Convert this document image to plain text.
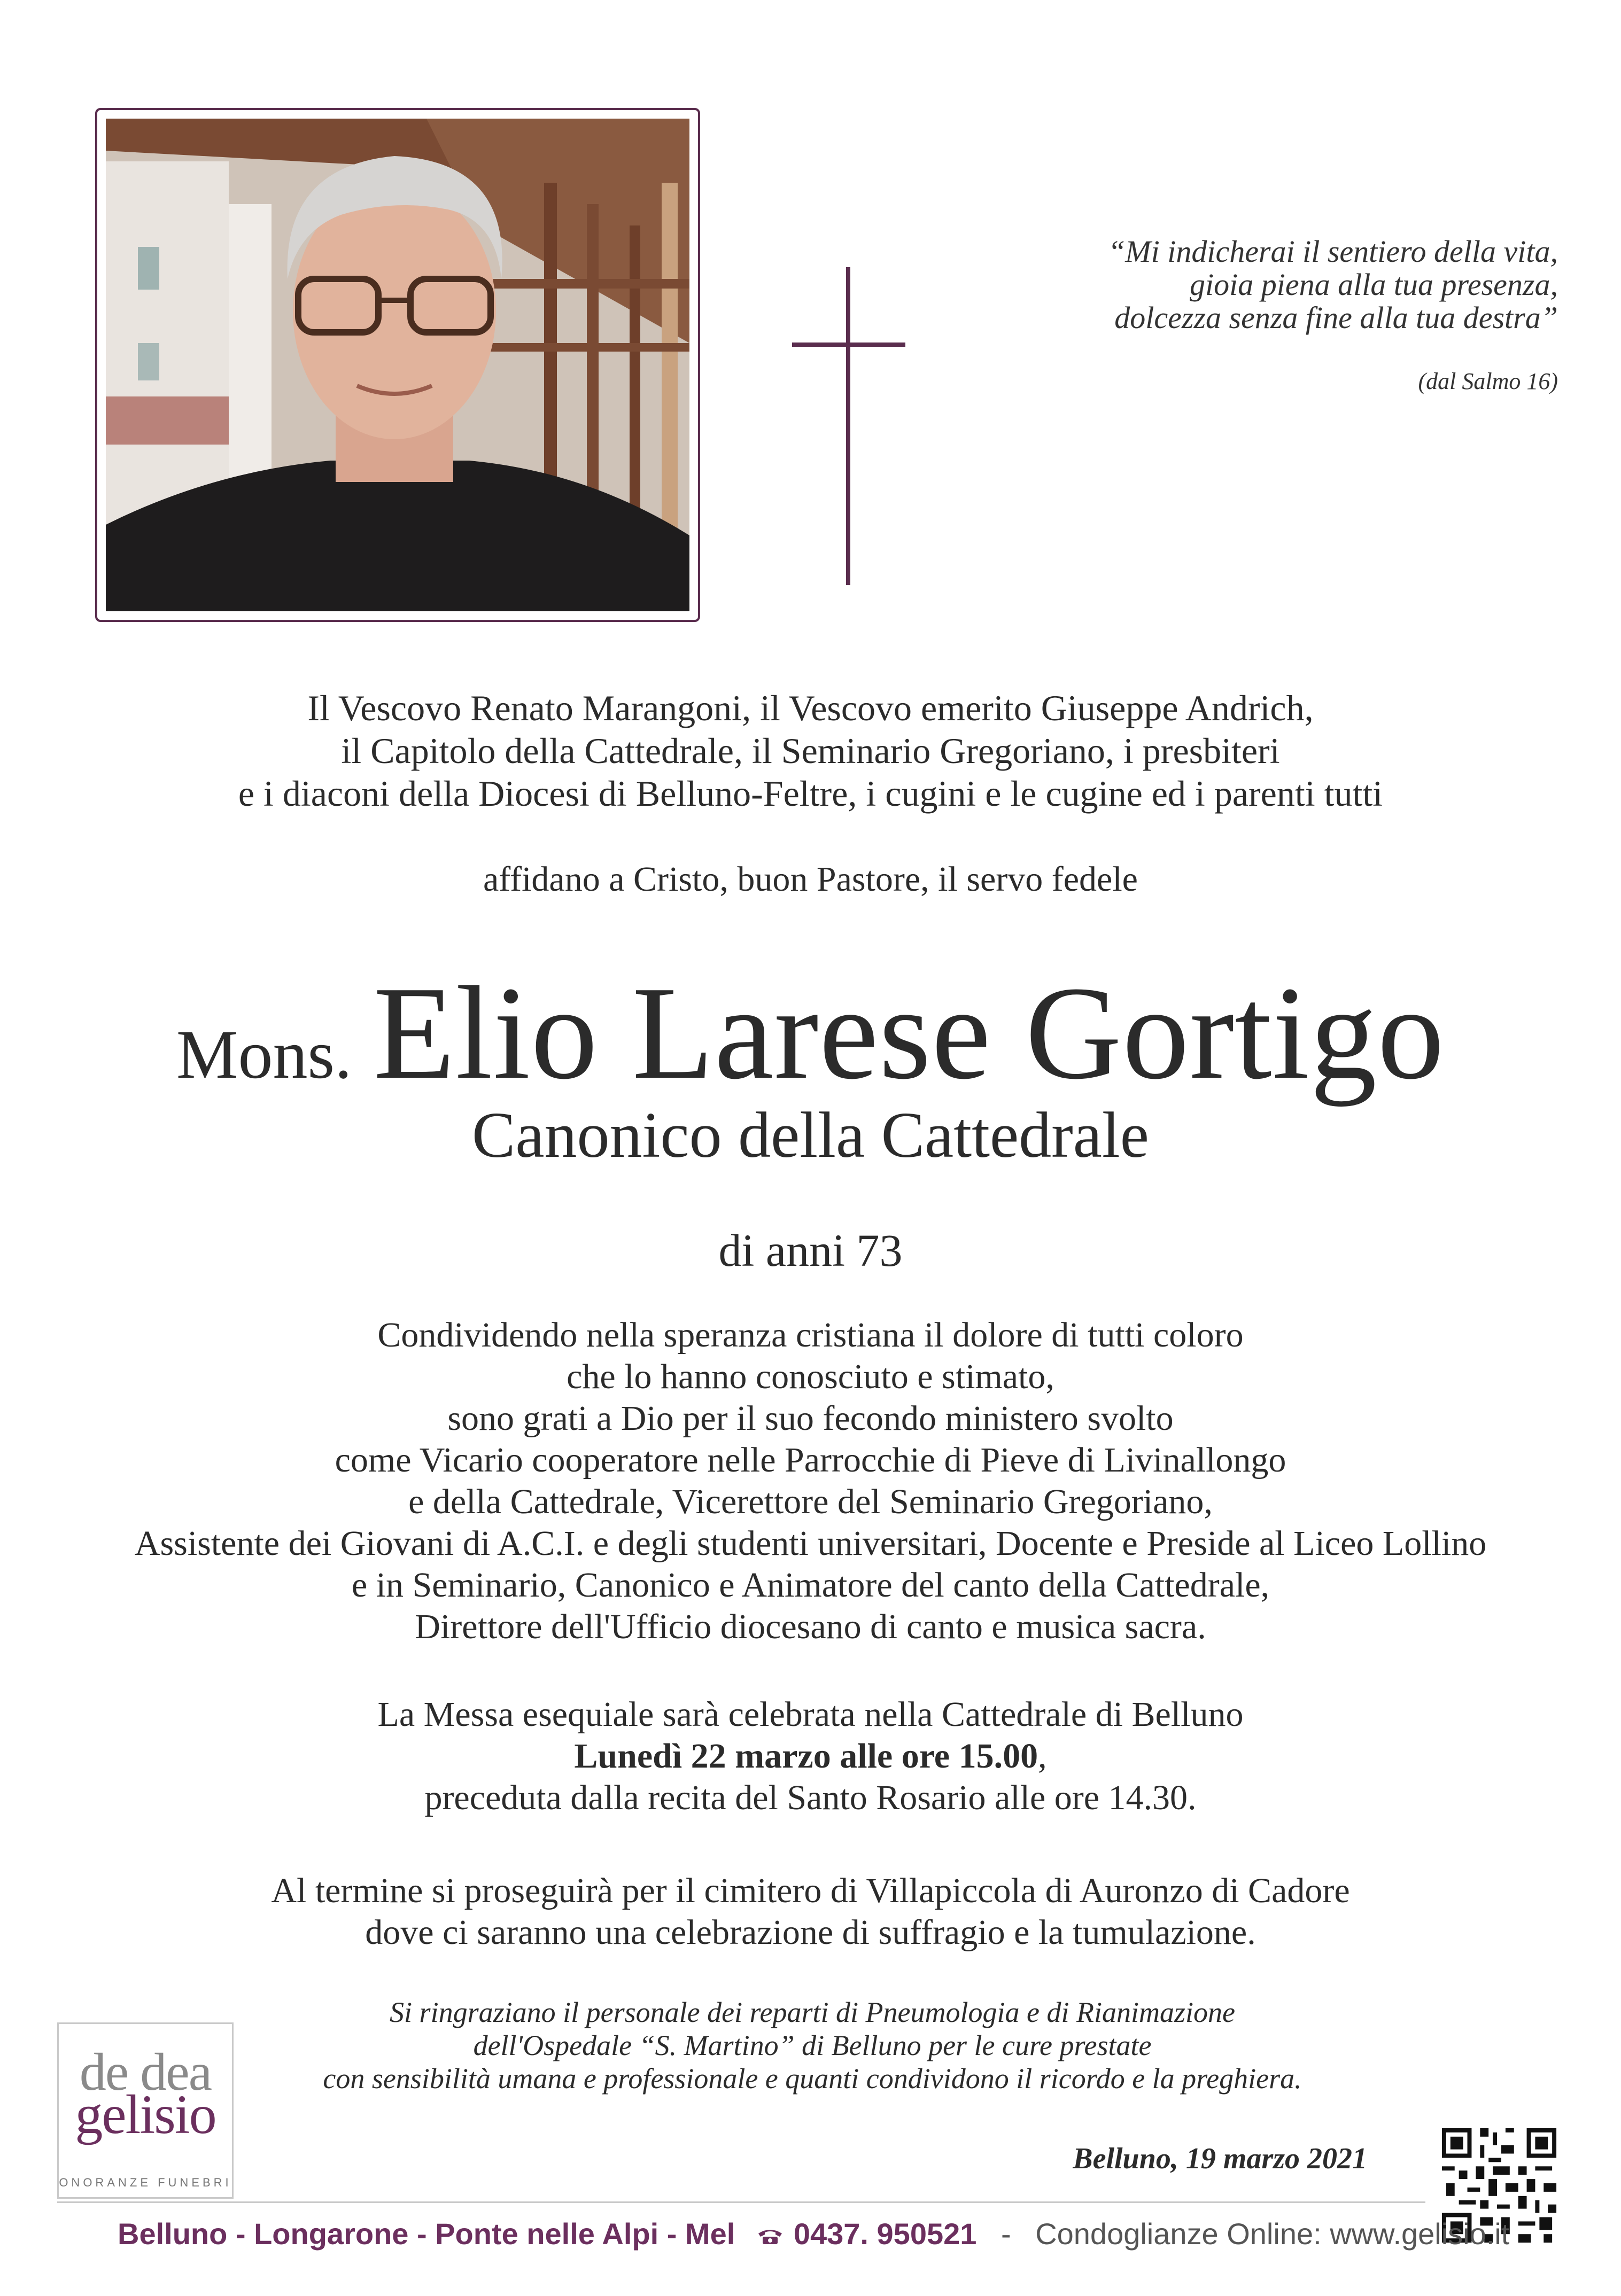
“Mi indicherai il sentiero della vita,
gioia piena alla tua presenza,
dolcezza senza fine alla tua destra”
(dal Salmo 16)
Il Vescovo Renato Marangoni, il Vescovo emerito Giuseppe Andrich,
il Capitolo della Cattedrale, il Seminario Gregoriano, i presbiteri
e i diaconi della Diocesi di Belluno-Feltre, i cugini e le cugine ed i parenti tutti
affidano a Cristo, buon Pastore, il servo fedele
Mons. Elio Larese Gortigo
Canonico della Cattedrale
di anni 73
Condividendo nella speranza cristiana il dolore di tutti coloro
che lo hanno conosciuto e stimato,
sono grati a Dio per il suo fecondo ministero svolto
come Vicario cooperatore nelle Parrocchie di Pieve di Livinallongo
e della Cattedrale, Vicerettore del Seminario Gregoriano,
Assistente dei Giovani di A.C.I. e degli studenti universitari, Docente e Preside al Liceo Lollino
e in Seminario, Canonico e Animatore del canto della Cattedrale,
Direttore dell'Ufficio diocesano di canto e musica sacra.
La Messa esequiale sarà celebrata nella Cattedrale di Belluno
Lunedì 22 marzo alle ore 15.00,
preceduta dalla recita del Santo Rosario alle ore 14.30.
Al termine si proseguirà per il cimitero di Villapiccola di Auronzo di Cadore
dove ci saranno una celebrazione di suffragio e la tumulazione.
Si ringraziano il personale dei reparti di Pneumologia e di Rianimazione
dell'Ospedale “S. Martino” di Belluno per le cure prestate
con sensibilità umana e professionale e quanti condividono il ricordo e la preghiera.
de dea
gelisio
ONORANZE FUNEBRI
Belluno, 19 marzo 2021
Belluno - Longarone - Ponte nelle Alpi - Mel 0437. 950521 - Condoglianze Online: www.gelisio.it
